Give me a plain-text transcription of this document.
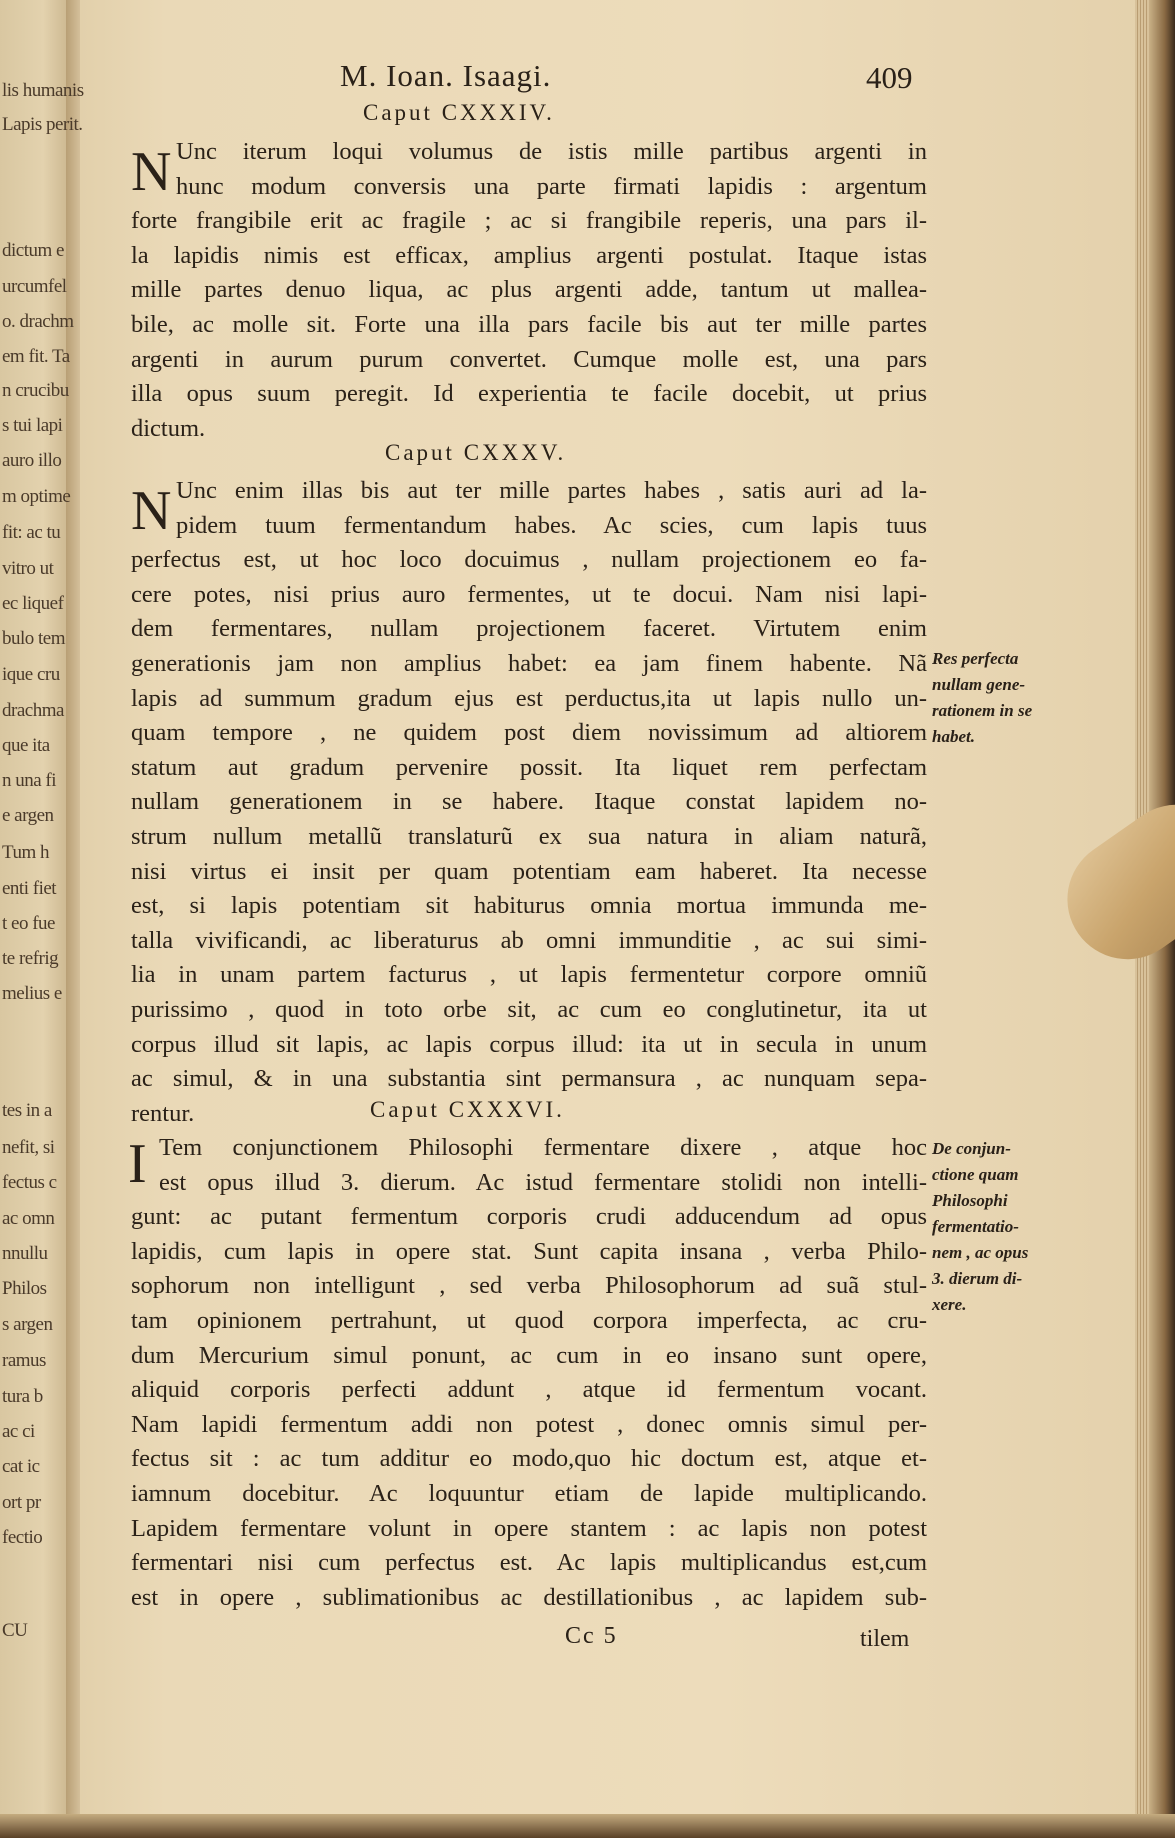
M. Ioan. Isaagi.	409
Cc 5	tilem
lis humanis
Lapis perit.
dictum e
urcumfel
o. drachm
em fit. Ta
n crucibu
s tui lapi
auro illo
m optime
fit: ac tu
vitro ut
ec liquef
bulo tem
ique cru
drachma
que ita
n una fi
e argen
Tum h
enti fiet
t eo fue
te refrig
melius e
tes in a
nefit, si
fectus c
ac omn
nnullu
Philos
s argen
ramus
tura b
ac ci
cat ic
ort pr
fectio
CU
Caput CXXXIV.
N Unc iterum loqui volumus de istis mille partibus argenti in
hunc modum conversis una parte firmati lapidis : argentum
forte frangibile erit ac fragile ; ac si frangibile reperis, una pars il-
la lapidis nimis est efficax, amplius argenti postulat. Itaque istas
mille partes denuo liqua, ac plus argenti adde, tantum ut mallea-
bile, ac molle sit. Forte una illa pars facile bis aut ter mille partes
argenti in aurum purum convertet. Cumque molle est, una pars
illa opus suum peregit. Id experientia te facile docebit, ut prius
dictum.
Caput CXXXV.
N Unc enim illas bis aut ter mille partes habes , satis auri ad la-
pidem tuum fermentandum habes. Ac scies, cum lapis tuus
perfectus est, ut hoc loco docuimus , nullam projectionem eo fa-
cere potes, nisi prius auro fermentes, ut te docui. Nam nisi lapi-
dem fermentares, nullam projectionem faceret. Virtutem enim
generationis jam non amplius habet: ea jam finem habente. Nã
lapis ad summum gradum ejus est perductus,ita ut lapis nullo un-
quam tempore , ne quidem post diem novissimum ad altiorem
statum aut gradum pervenire possit. Ita liquet rem perfectam
nullam generationem in se habere. Itaque constat lapidem no-
strum nullum metallũ translaturũ ex sua natura in aliam naturã,
nisi virtus ei insit per quam potentiam eam haberet. Ita necesse
est, si lapis potentiam sit habiturus omnia mortua immunda me-
talla vivificandi, ac liberaturus ab omni immunditie , ac sui simi-
lia in unam partem facturus , ut lapis fermentetur corpore omniũ
purissimo , quod in toto orbe sit, ac cum eo conglutinetur, ita ut
corpus illud sit lapis, ac lapis corpus illud: ita ut in secula in unum
ac simul, & in una substantia sint permansura , ac nunquam sepa-
rentur.
Res perfecta
nullam gene-
rationem in se
habet.
Caput CXXXVI.
I Tem conjunctionem Philosophi fermentare dixere , atque hoc
est opus illud 3. dierum. Ac istud fermentare stolidi non intelli-
gunt: ac putant fermentum corporis crudi adducendum ad opus
lapidis, cum lapis in opere stat. Sunt capita insana , verba Philo-
sophorum non intelligunt , sed verba Philosophorum ad suã stul-
tam opinionem pertrahunt, ut quod corpora imperfecta, ac cru-
dum Mercurium simul ponunt, ac cum in eo insano sunt opere,
aliquid corporis perfecti addunt , atque id fermentum vocant.
Nam lapidi fermentum addi non potest , donec omnis simul per-
fectus sit : ac tum additur eo modo,quo hic doctum est, atque et-
iamnum docebitur. Ac loquuntur etiam de lapide multiplicando.
Lapidem fermentare volunt in opere stantem : ac lapis non potest
fermentari nisi cum perfectus est. Ac lapis multiplicandus est,cum
est in opere , sublimationibus ac destillationibus , ac lapidem sub-
De conjun-
ctione quam
Philosophi
fermentatio-
nem , ac opus
3. dierum di-
xere.
